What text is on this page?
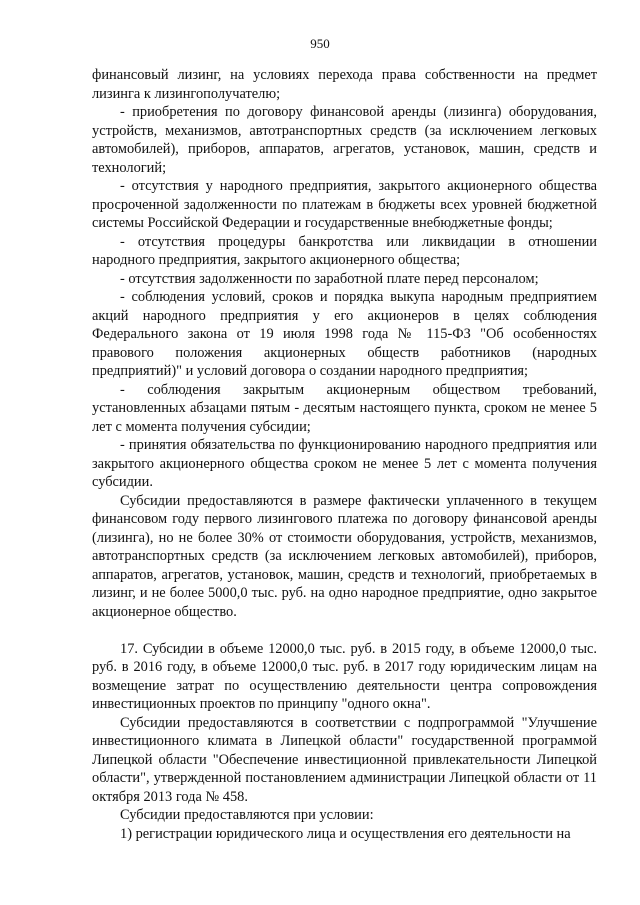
950

финансовый лизинг, на условиях перехода права собственности на предмет лизинга к лизингополучателю;

- приобретения по договору финансовой аренды (лизинга) оборудования, устройств, механизмов, автотранспортных средств (за исключением легковых автомобилей), приборов, аппаратов, агрегатов, установок, машин, средств и технологий;

- отсутствия у народного предприятия, закрытого акционерного общества просроченной задолженности по платежам в бюджеты всех уровней бюджетной системы Российской Федерации и государственные внебюджетные фонды;

- отсутствия процедуры банкротства или ликвидации в отношении народного предприятия, закрытого акционерного общества;

- отсутствия задолженности по заработной плате перед персоналом;

- соблюдения условий, сроков и порядка выкупа народным предприятием акций народного предприятия у его акционеров в целях соблюдения Федерального закона от 19 июля 1998 года № 115-ФЗ "Об особенностях правового положения акционерных обществ работников (народных предприятий)" и условий договора о создании народного предприятия;

- соблюдения закрытым акционерным обществом требований, установленных абзацами пятым - десятым настоящего пункта, сроком не менее 5 лет с момента получения субсидии;

- принятия обязательства по функционированию народного предприятия или закрытого акционерного общества сроком не менее 5 лет с момента получения субсидии.

Субсидии предоставляются в размере фактически уплаченного в текущем финансовом году первого лизингового платежа по договору финансовой аренды (лизинга), но не более 30% от стоимости оборудования, устройств, механизмов, автотранспортных средств (за исключением легковых автомобилей), приборов, аппаратов, агрегатов, установок, машин, средств и технологий, приобретаемых в лизинг, и не более 5000,0 тыс. руб. на одно народное предприятие, одно закрытое акционерное общество.

17. Субсидии в объеме 12000,0 тыс. руб. в 2015 году, в объеме 12000,0 тыс. руб. в 2016 году, в объеме 12000,0 тыс. руб. в 2017 году юридическим лицам на возмещение затрат по осуществлению деятельности центра сопровождения инвестиционных проектов по принципу "одного окна".

Субсидии предоставляются в соответствии с подпрограммой "Улучшение инвестиционного климата в Липецкой области" государственной программой Липецкой области "Обеспечение инвестиционной привлекательности Липецкой области", утвержденной постановлением администрации Липецкой области от 11 октября 2013 года № 458.

Субсидии предоставляются при условии:

1) регистрации юридического лица и осуществления его деятельности на
